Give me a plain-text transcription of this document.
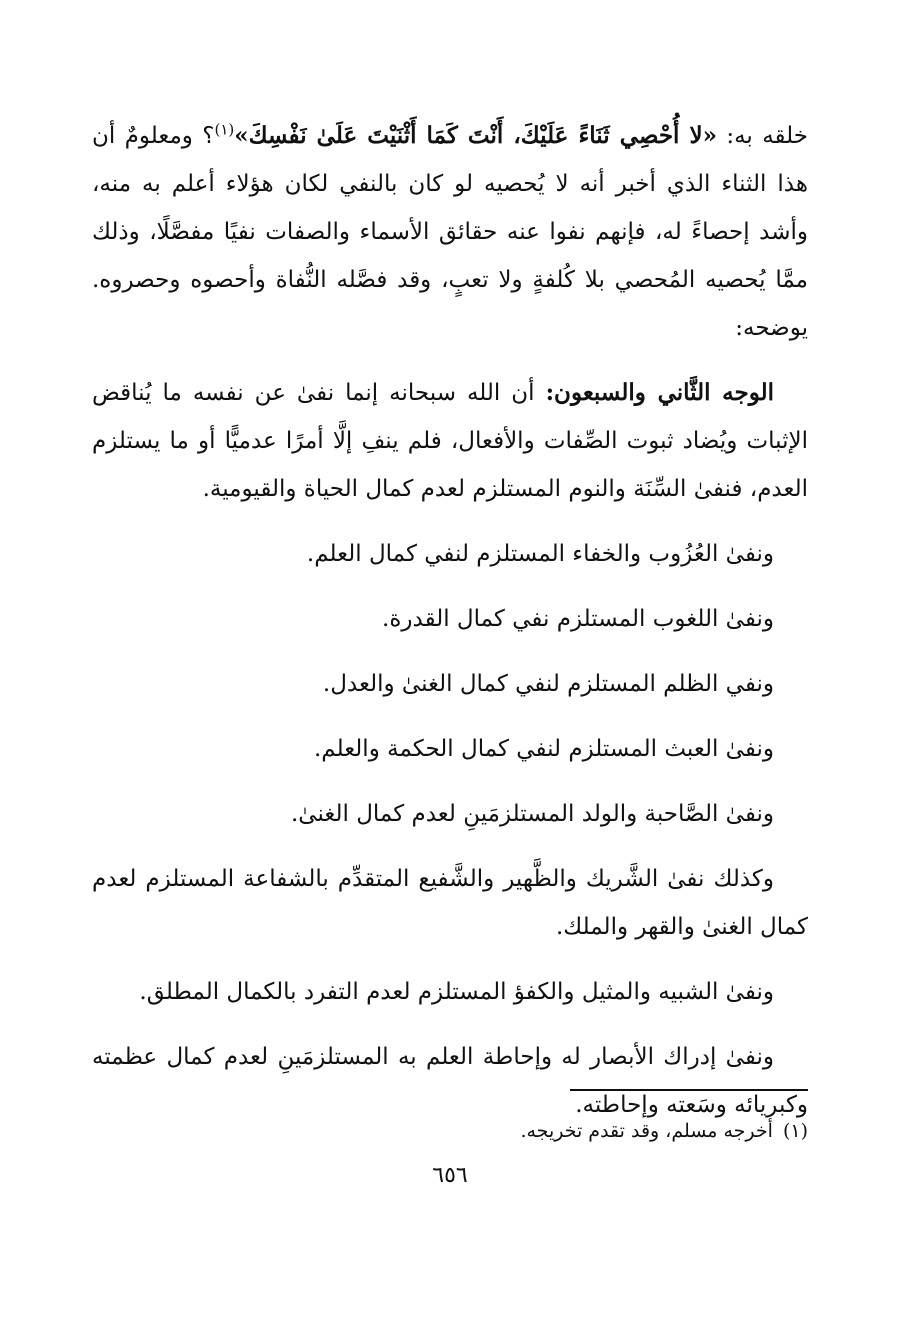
خلقه به: «لا أُحْصِي ثَنَاءً عَلَيْكَ، أَنْتَ كَمَا أَثْنَيْتَ عَلَىٰ نَفْسِكَ»$^{(١)}$؟ ومعلومٌ أن هذا الثناء الذي أخبر أنه لا يُحصيه لو كان بالنفي لكان هؤلاء أعلم به منه، وأشد إحصاءً له، فإنهم نفوا عنه حقائق الأسماء والصفات نفيًا مفصَّلًا، وذلك ممَّا يُحصيه المُحصي بلا كُلفةٍ ولا تعبٍ، وقد فصَّله النُّفاة وأحصوه وحصروه. يوضحه:

الوجه الثَّاني والسبعون: أن الله سبحانه إنما نفىٰ عن نفسه ما يُناقض الإثبات ويُضاد ثبوت الصِّفات والأفعال، فلم ينفِ إلَّا أمرًا عدميًّا أو ما يستلزم العدم، فنفىٰ السِّنَة والنوم المستلزم لعدم كمال الحياة والقيومية.

ونفىٰ العُزُوب والخفاء المستلزم لنفي كمال العلم.

ونفىٰ اللغوب المستلزم نفي كمال القدرة.

ونفي الظلم المستلزم لنفي كمال الغنىٰ والعدل.

ونفىٰ العبث المستلزم لنفي كمال الحكمة والعلم.

ونفىٰ الصَّاحبة والولد المستلزمَينِ لعدم كمال الغنىٰ.

وكذلك نفىٰ الشَّريك والظَّهير والشَّفيع المتقدِّم بالشفاعة المستلزم لعدم كمال الغنىٰ والقهر والملك.

ونفىٰ الشبيه والمثيل والكفؤ المستلزم لعدم التفرد بالكمال المطلق.

ونفىٰ إدراك الأبصار له وإحاطة العلم به المستلزمَينِ لعدم كمال عظمته وكبريائه وسَعته وإحاطته.

(١)أخرجه مسلم، وقد تقدم تخريجه.
٦٥٦
